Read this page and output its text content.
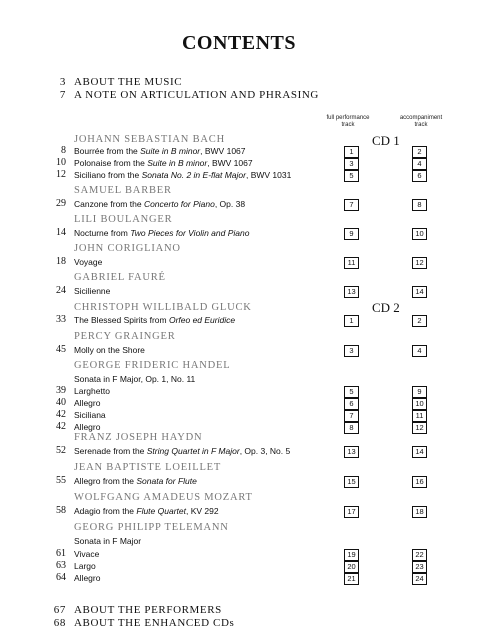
CONTENTS
3 ABOUT THE MUSIC
7 A NOTE ON ARTICULATION AND PHRASING
full performance
track
accompaniment
track
CD 1
CD 2
JOHANN SEBASTIAN BACH
SAMUEL BARBER
LILI BOULANGER
JOHN CORIGLIANO
GABRIEL FAURÉ
CHRISTOPH WILLIBALD GLUCK
PERCY GRAINGER
GEORGE FRIDERIC HANDEL
FRANZ JOSEPH HAYDN
JEAN BAPTISTE LOEILLET
WOLFGANG AMADEUS MOZART
GEORG PHILIPP TELEMANN
8 Bourrée from the Suite in B minor, BWV 1067	1	2
10 Polonaise from the Suite in B minor, BWV 1067	3	4
12 Siciliano from the Sonata No. 2 in E-flat Major, BWV 1031	5	6
29 Canzone from the Concerto for Piano, Op. 38	7	8
14 Nocturne from Two Pieces for Violin and Piano	9	10
18 Voyage	11	12
24 Sicilienne	13	14
33 The Blessed Spirits from Orfeo ed Euridice	1	2
45 Molly on the Shore	3	4
Sonata in F Major, Op. 1, No. 11
39 Larghetto	5	9
40 Allegro	6	10
42 Siciliana	7	11
42 Allegro	8	12
52 Serenade from the String Quartet in F Major, Op. 3, No. 5	13	14
55 Allegro from the Sonata for Flute	15	16
58 Adagio from the Flute Quartet, KV 292	17	18
Sonata in F Major
61 Vivace	19	22
63 Largo	20	23
64 Allegro	21	24
67 ABOUT THE PERFORMERS
68 ABOUT THE ENHANCED CDs
